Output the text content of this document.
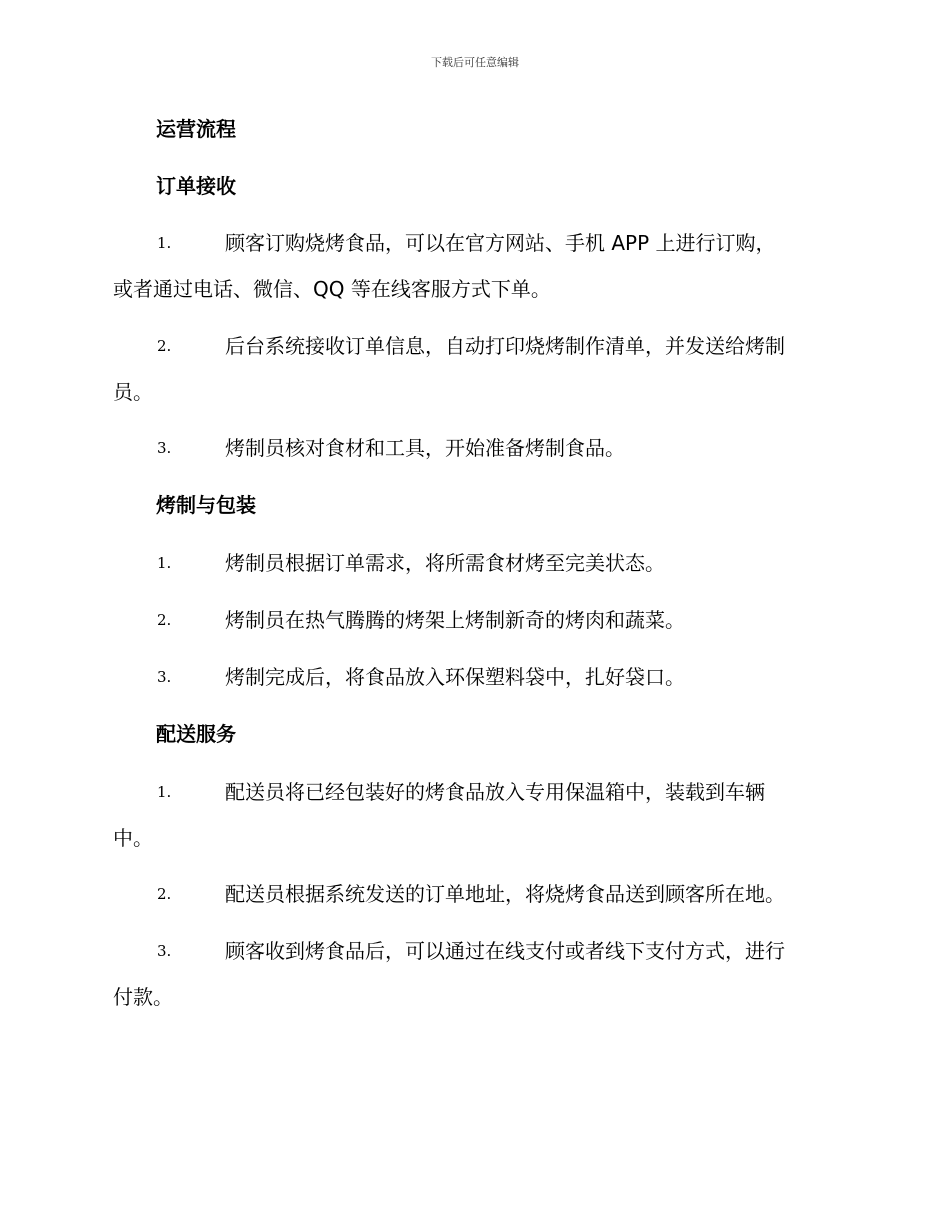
下载后可任意编辑
运营流程
订单接收
1.	顾客订购烧烤食品，可以在官方网站、手机 APP 上进行订购，
或者通过电话、微信、QQ 等在线客服方式下单。
2.	后台系统接收订单信息，自动打印烧烤制作清单，并发送给烤制
员。
3.	烤制员核对食材和工具，开始准备烤制食品。
烤制与包装
1.	烤制员根据订单需求，将所需食材烤至完美状态。
2.	烤制员在热气腾腾的烤架上烤制新奇的烤肉和蔬菜。
3.	烤制完成后，将食品放入环保塑料袋中，扎好袋口。
配送服务
1.	配送员将已经包装好的烤食品放入专用保温箱中，装载到车辆
中。
2.	配送员根据系统发送的订单地址，将烧烤食品送到顾客所在地。
3.	顾客收到烤食品后，可以通过在线支付或者线下支付方式，进行
付款。
